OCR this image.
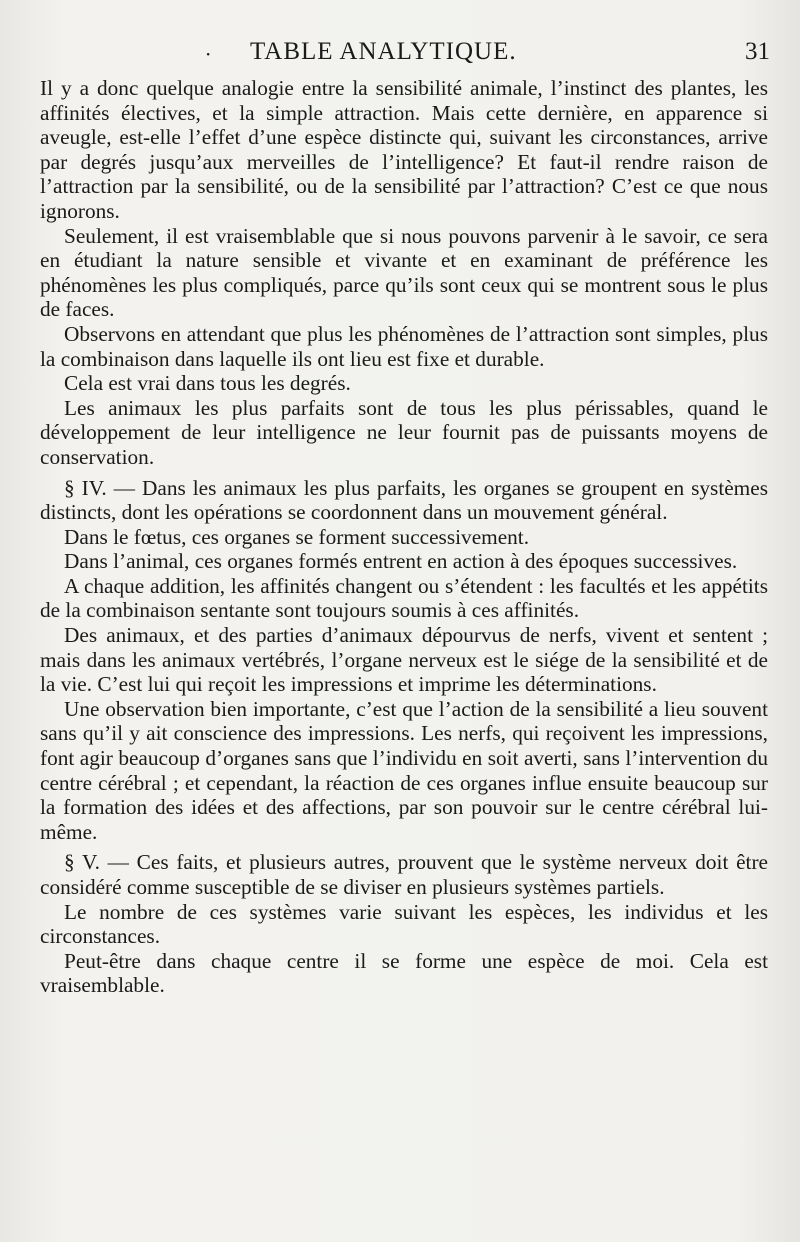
· TABLE ANALYTIQUE.	31

Il y a donc quelque analogie entre la sensibilité animale, l’instinct des plantes, les affinités électives, et la simple attraction. Mais cette dernière, en apparence si aveugle, est-elle l’effet d’une espèce distincte qui, suivant les circonstances, arrive par degrés jusqu’aux merveilles de l’intelligence? Et faut-il rendre raison de l’attraction par la sensibilité, ou de la sensibilité par l’attraction? C’est ce que nous ignorons.

Seulement, il est vraisemblable que si nous pouvons parvenir à le savoir, ce sera en étudiant la nature sensible et vivante et en examinant de préférence les phénomènes les plus compliqués, parce qu’ils sont ceux qui se montrent sous le plus de faces.

Observons en attendant que plus les phénomènes de l’attraction sont simples, plus la combinaison dans laquelle ils ont lieu est fixe et durable.

Cela est vrai dans tous les degrés.

Les animaux les plus parfaits sont de tous les plus périssables, quand le développement de leur intelligence ne leur fournit pas de puissants moyens de conservation.

§ IV. — Dans les animaux les plus parfaits, les organes se groupent en systèmes distincts, dont les opérations se coordonnent dans un mouvement général.

Dans le fœtus, ces organes se forment successivement.

Dans l’animal, ces organes formés entrent en action à des époques successives.

A chaque addition, les affinités changent ou s’étendent : les facultés et les appétits de la combinaison sentante sont toujours soumis à ces affinités.

Des animaux, et des parties d’animaux dépourvus de nerfs, vivent et sentent ; mais dans les animaux vertébrés, l’organe nerveux est le siége de la sensibilité et de la vie. C’est lui qui reçoit les impressions et imprime les déterminations.

Une observation bien importante, c’est que l’action de la sensibilité a lieu souvent sans qu’il y ait conscience des impressions. Les nerfs, qui reçoivent les impressions, font agir beaucoup d’organes sans que l’individu en soit averti, sans l’intervention du centre cérébral ; et cependant, la réaction de ces organes influe ensuite beaucoup sur la formation des idées et des affections, par son pouvoir sur le centre cérébral lui-même.

§ V. — Ces faits, et plusieurs autres, prouvent que le système nerveux doit être considéré comme susceptible de se diviser en plusieurs systèmes partiels.

Le nombre de ces systèmes varie suivant les espèces, les individus et les circonstances.

Peut-être dans chaque centre il se forme une espèce de moi. Cela est vraisemblable.
